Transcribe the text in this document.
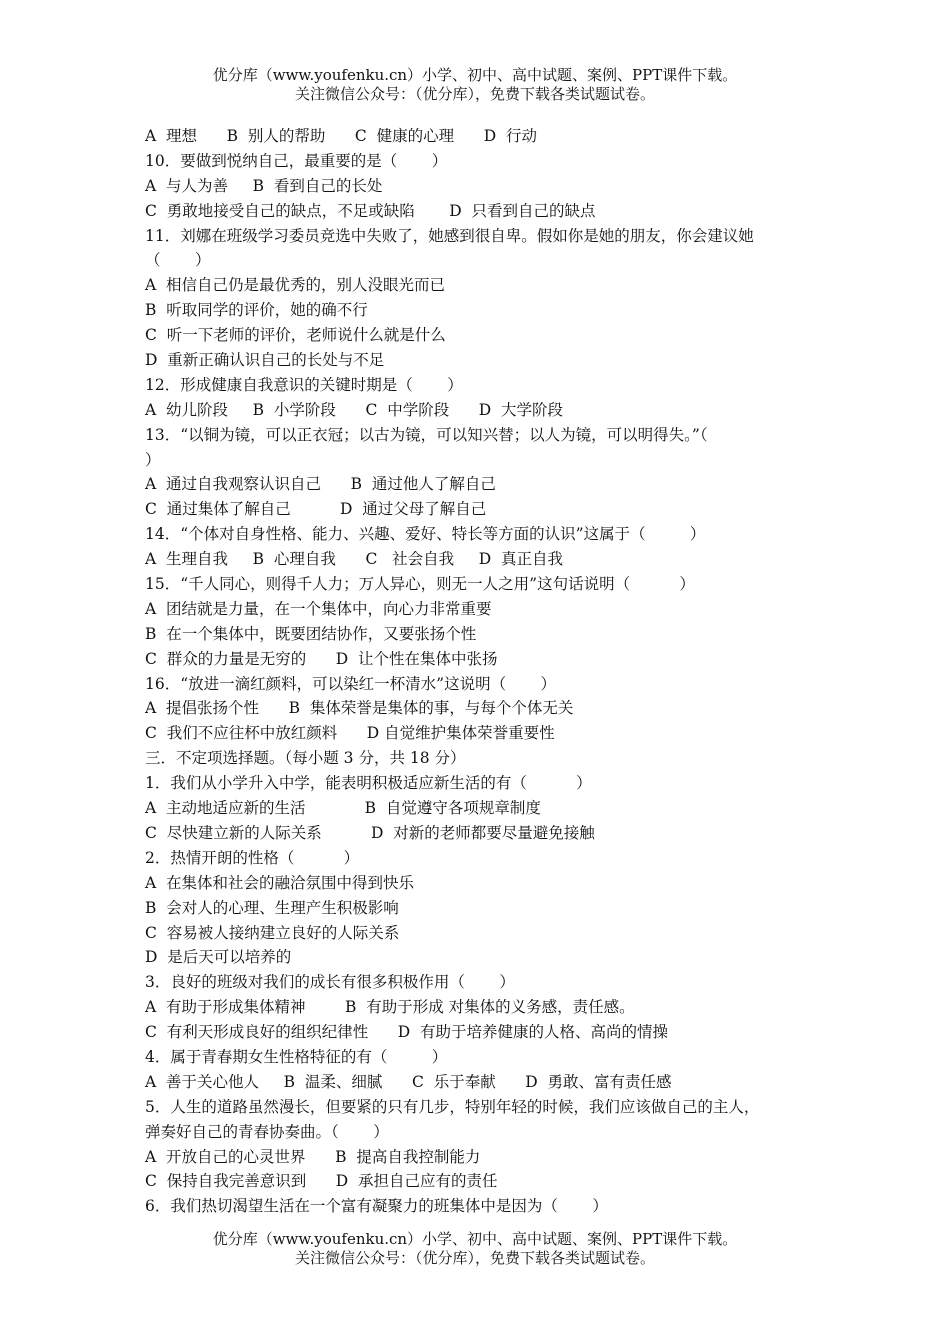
优分库（www.youfenku.cn）小学、初中、高中试题、案例、PPT课件下载。
关注微信公众号：（优分库），免费下载各类试题试卷。
A  理想      B  别人的帮助      C  健康的心理      D  行动
10．要做到悦纳自己，最重要的是（       ）
A  与人为善     B  看到自己的长处
C  勇敢地接受自己的缺点，不足或缺陷       D  只看到自己的缺点
11．刘娜在班级学习委员竞选中失败了，她感到很自卑。假如你是她的朋友，你会建议她
（       ）
A  相信自己仍是最优秀的，别人没眼光而已
B  听取同学的评价，她的确不行
C  听一下老师的评价，老师说什么就是什么
D  重新正确认识自己的长处与不足
12．形成健康自我意识的关键时期是（       ）
A  幼儿阶段     B  小学阶段      C  中学阶段      D  大学阶段
13．“以铜为镜，可以正衣冠；以古为镜，可以知兴替；以人为镜，可以明得失。”（
）
A  通过自我观察认识自己      B  通过他人了解自己
C  通过集体了解自己          D  通过父母了解自己
14．“个体对自身性格、能力、兴趣、爱好、特长等方面的认识”这属于（         ）
A  生理自我     B  心理自我      C   社会自我     D  真正自我
15．“千人同心，则得千人力；万人异心，则无一人之用”这句话说明（          ）
A  团结就是力量，在一个集体中，向心力非常重要
B  在一个集体中，既要团结协作，又要张扬个性
C  群众的力量是无穷的      D  让个性在集体中张扬
16．“放进一滴红颜料，可以染红一杯清水”这说明（       ）
A  提倡张扬个性      B  集体荣誉是集体的事，与每个个体无关
C  我们不应往杯中放红颜料      D 自觉维护集体荣誉重要性
三．不定项选择题。（每小题 3 分，共 18 分）
1．我们从小学升入中学，能表明积极适应新生活的有（          ）
A  主动地适应新的生活            B  自觉遵守各项规章制度
C  尽快建立新的人际关系          D  对新的老师都要尽量避免接触
2．热情开朗的性格（          ）
A  在集体和社会的融洽氛围中得到快乐
B  会对人的心理、生理产生积极影响
C  容易被人接纳建立良好的人际关系
D  是后天可以培养的
3．良好的班级对我们的成长有很多积极作用（       ）
A  有助于形成集体精神        B  有助于形成 对集体的义务感，责任感。
C  有利天形成良好的组织纪律性      D  有助于培养健康的人格、高尚的情操
4．属于青春期女生性格特征的有（         ）
A  善于关心他人     B  温柔、细腻      C  乐于奉献      D  勇敢、富有责任感
5．人生的道路虽然漫长，但要紧的只有几步，特别年轻的时候，我们应该做自己的主人，
弹奏好自己的青春协奏曲。（       ）
A  开放自己的心灵世界      B  提高自我控制能力
C  保持自我完善意识到      D  承担自己应有的责任
6．我们热切渴望生活在一个富有凝聚力的班集体中是因为（       ）
优分库（www.youfenku.cn）小学、初中、高中试题、案例、PPT课件下载。
关注微信公众号：（优分库），免费下载各类试题试卷。
